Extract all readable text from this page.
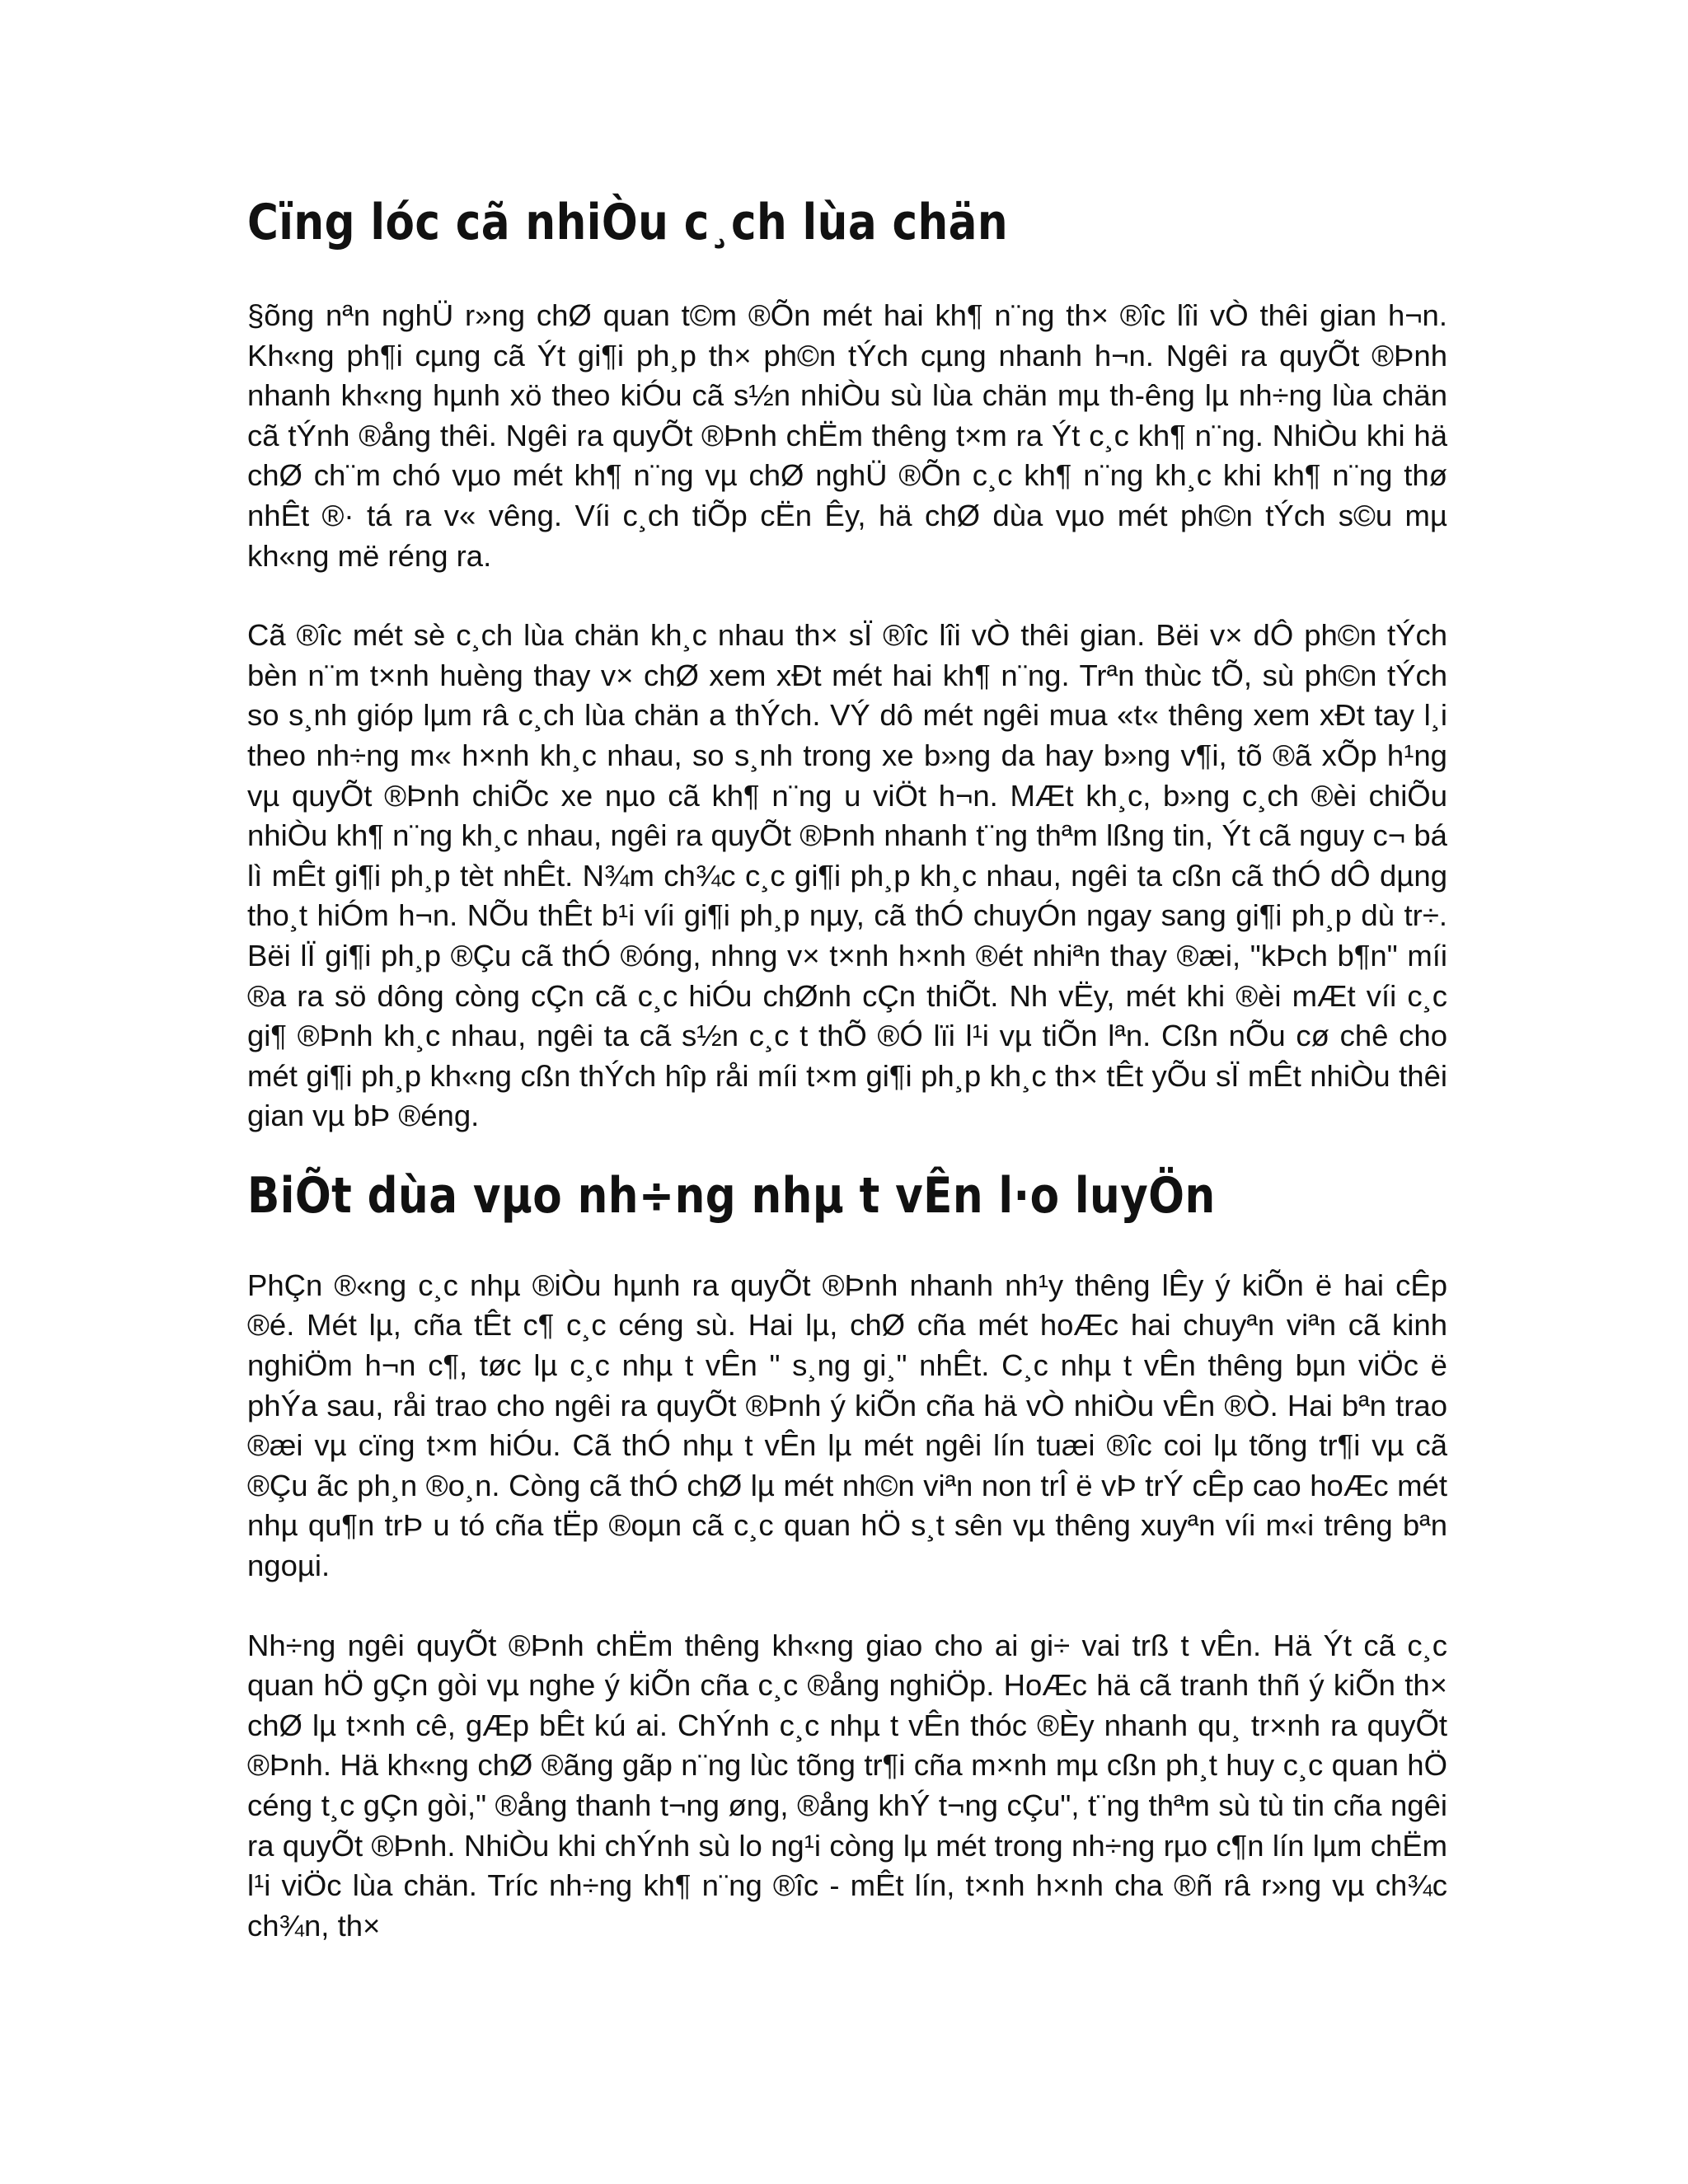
Cïng lóc cã nhiÒu c¸ch lùa chän

§õng nªn nghÜ r»ng chØ quan t©m ®Õn mét hai kh¶ n¨ng th× ®îc lîi vÒ thêi gian h¬n. Kh«ng ph¶i cµng cã Ýt gi¶i ph¸p th× ph©n tÝch cµng nhanh h¬n. Ngêi ra quyÕt ®Þnh nhanh kh«ng hµnh xö theo kiÓu cã s½n nhiÒu sù lùa chän mµ th-êng lµ nh÷ng lùa chän cã tÝnh ®ång thêi. Ngêi ra quyÕt ®Þnh chËm thêng t×m ra Ýt c¸c kh¶ n¨ng. NhiÒu khi hä chØ ch¨m chó vµo mét kh¶ n¨ng vµ chØ nghÜ ®Õn c¸c kh¶ n¨ng kh¸c khi kh¶ n¨ng thø nhÊt ®· tá ra v« vêng. Víi c¸ch tiÕp cËn Êy, hä chØ dùa vµo mét ph©n tÝch s©u mµ kh«ng më réng ra.

Cã ®îc mét sè c¸ch lùa chän kh¸c nhau th× sÏ ®îc lîi vÒ thêi gian. Bëi v× dÔ ph©n tÝch bèn n¨m t×nh huèng thay v× chØ xem xÐt mét hai kh¶ n¨ng. Trªn thùc tÕ, sù ph©n tÝch so s¸nh gióp lµm râ c¸ch lùa chän a thÝch. VÝ dô mét ngêi mua «t« thêng xem xÐt tay l¸i theo nh÷ng m« h×nh kh¸c nhau, so s¸nh trong xe b»ng da hay b»ng v¶i, tõ ®ã xÕp h¹ng vµ quyÕt ®Þnh chiÕc xe nµo cã kh¶ n¨ng u viÖt h¬n. MÆt kh¸c, b»ng c¸ch ®èi chiÕu nhiÒu kh¶ n¨ng kh¸c nhau, ngêi ra quyÕt ®Þnh nhanh t¨ng thªm lßng tin, Ýt cã nguy c¬ bá lì mÊt gi¶i ph¸p tèt nhÊt. N¾m ch¾c c¸c gi¶i ph¸p kh¸c nhau, ngêi ta cßn cã thÓ dÔ dµng tho¸t hiÓm h¬n. NÕu thÊt b¹i víi gi¶i ph¸p nµy, cã thÓ chuyÓn ngay sang gi¶i ph¸p dù tr÷. Bëi lÏ gi¶i ph¸p ®Çu cã thÓ ®óng, nhng v× t×nh h×nh ®ét nhiªn thay ®æi, "kÞch b¶n" míi ®a ra sö dông còng cÇn cã c¸c hiÓu chØnh cÇn thiÕt. Nh vËy, mét khi ®èi mÆt víi c¸c gi¶ ®Þnh kh¸c nhau, ngêi ta cã s½n c¸c t thÕ ®Ó lïi l¹i vµ tiÕn lªn. Cßn nÕu cø chê cho mét gi¶i ph¸p kh«ng cßn thÝch hîp råi míi t×m gi¶i ph¸p kh¸c th× tÊt yÕu sÏ mÊt nhiÒu thêi gian vµ bÞ ®éng.

BiÕt dùa vµo nh÷ng nhµ t vÊn l·o luyÖn

PhÇn ®«ng c¸c nhµ ®iÒu hµnh ra quyÕt ®Þnh nhanh nh¹y thêng lÊy ý kiÕn ë hai cÊp ®é. Mét lµ, cña tÊt c¶ c¸c céng sù. Hai lµ, chØ cña mét hoÆc hai chuyªn viªn cã kinh nghiÖm h¬n c¶, tøc lµ c¸c nhµ t vÊn " s¸ng gi¸" nhÊt. C¸c nhµ t vÊn thêng bµn viÖc ë phÝa sau, råi trao cho ngêi ra quyÕt ®Þnh ý kiÕn cña hä vÒ nhiÒu vÊn ®Ò. Hai bªn trao ®æi vµ cïng t×m hiÓu. Cã thÓ nhµ t vÊn lµ mét ngêi lín tuæi ®îc coi lµ tõng tr¶i vµ cã ®Çu ãc ph¸n ®o¸n. Còng cã thÓ chØ lµ mét nh©n viªn non trÎ ë vÞ trÝ cÊp cao hoÆc mét nhµ qu¶n trÞ u tó cña tËp ®oµn cã c¸c quan hÖ s¸t sên vµ thêng xuyªn víi m«i trêng bªn ngoµi.

Nh÷ng ngêi quyÕt ®Þnh chËm thêng kh«ng giao cho ai gi÷ vai trß t vÊn. Hä Ýt cã c¸c quan hÖ gÇn gòi vµ nghe ý kiÕn cña c¸c ®ång nghiÖp. HoÆc hä cã tranh thñ ý kiÕn th× chØ lµ t×nh cê, gÆp bÊt kú ai. ChÝnh c¸c nhµ t vÊn thóc ®Èy nhanh qu¸ tr×nh ra quyÕt ®Þnh. Hä kh«ng chØ ®ãng gãp n¨ng lùc tõng tr¶i cña m×nh mµ cßn ph¸t huy c¸c quan hÖ céng t¸c gÇn gòi," ®ång thanh t¬ng øng, ®ång khÝ t¬ng cÇu", t¨ng thªm sù tù tin cña ngêi ra quyÕt ®Þnh. NhiÒu khi chÝnh sù lo ng¹i còng lµ mét trong nh÷ng rµo c¶n lín lµm chËm l¹i viÖc lùa chän. Tríc nh÷ng kh¶ n¨ng ®îc - mÊt lín, t×nh h×nh cha ®ñ râ r»ng vµ ch¾c ch¾n, th×
